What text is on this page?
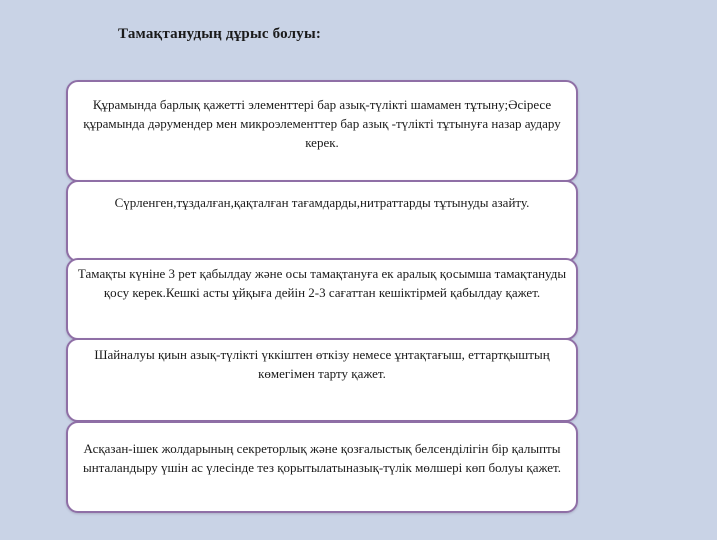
Тамақтанудың дұрыс болуы:
Құрамында барлық қажетті элементтері бар азық-түлікті шамамен тұтыну;Әсіресе құрамында дәрумендер мен микроэлементтер бар азық -түлікті тұтынуға назар аудару керек.
Сүрленген,тұздалған,қақталған тағамдарды,нитраттарды тұтынуды азайту.
Тамақты күніне 3 рет қабылдау және осы тамақтануға ек аралық қосымша тамақтануды қосу керек.Кешкі асты ұйқыға дейін 2-3 сағаттан кешіктірмей қабылдау қажет.
Шайналуы қиын азық-түлікті үккіштен өткізу немесе ұнтақтағыш, еттартқыштың көмегімен тарту қажет.
Асқазан-ішек жолдарының секреторлық және қозғалыстық белсенділігін бір қалыпты ынталандыру үшін ас үлесінде тез қорытылатыназық-түлік мөлшері көп болуы қажет.
